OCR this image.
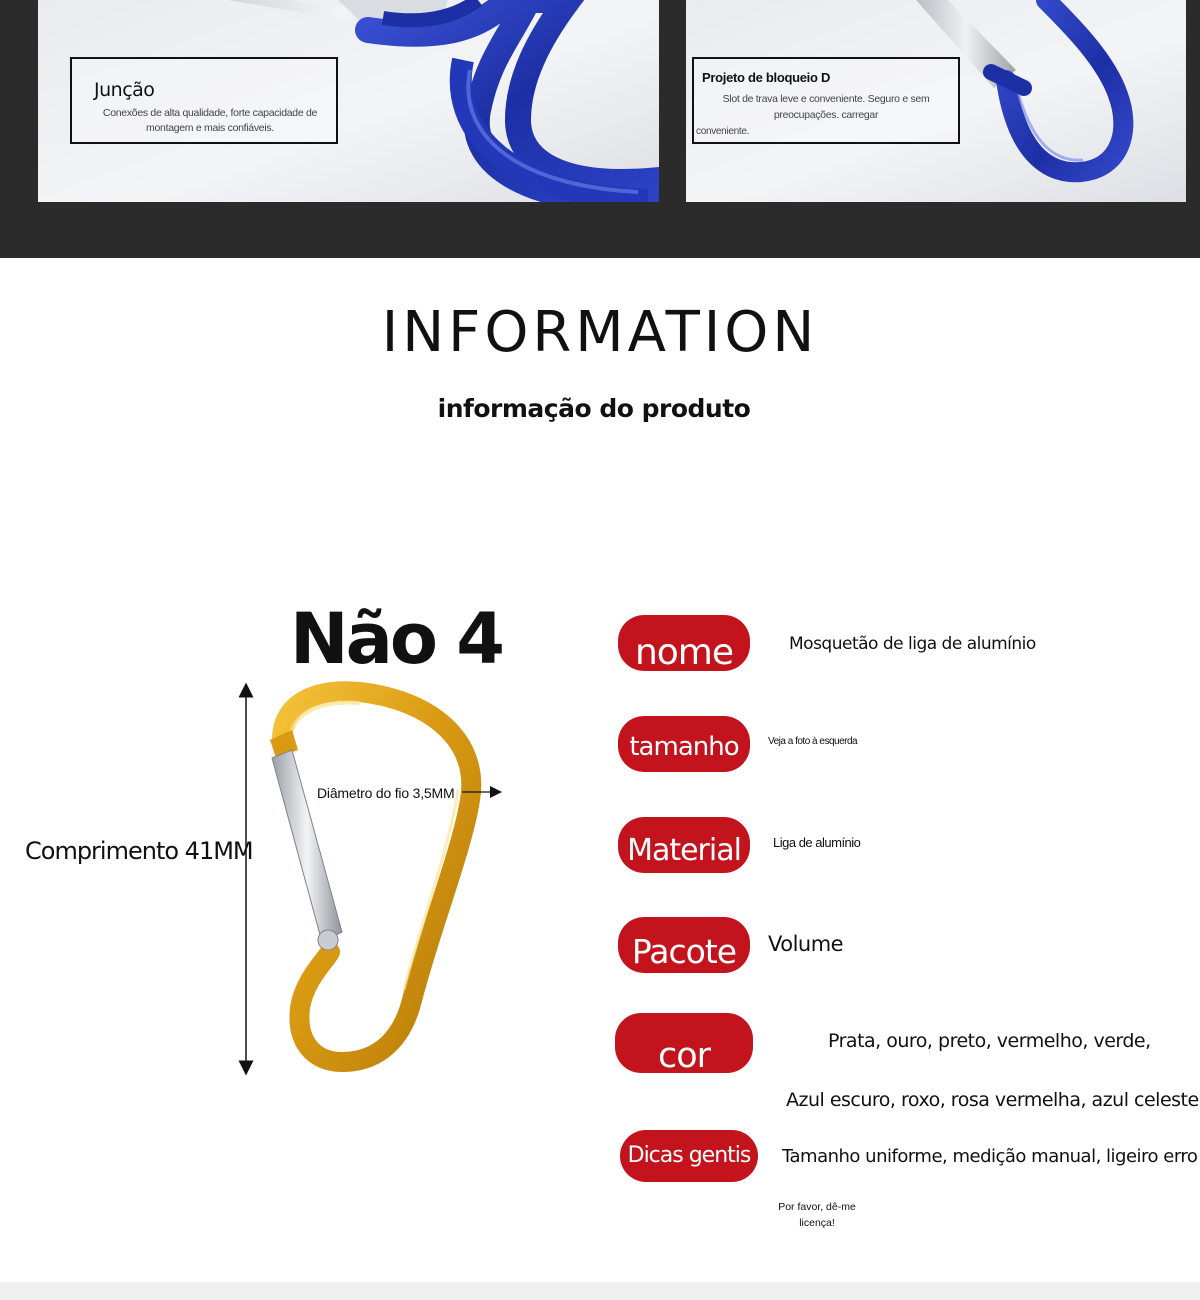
Junção
Conexões de alta qualidade, forte capacidade de montagem e mais confiáveis.
Projeto de bloqueio D
Slot de trava leve e conveniente. Seguro e sem preocupações. carregar
conveniente.
INFORMATION
informação do produto
Não 4
Comprimento 41MM
Diâmetro do fio 3,5MM
nome	Mosquetão de liga de alumínio
tamanho	Veja a foto à esquerda
Material	Liga de alumínio
Pacote	Volume
cor	Prata, ouro, preto, vermelho, verde,
Azul escuro, roxo, rosa vermelha, azul celeste
Dicas gentis	Tamanho uniforme, medição manual, ligeiro erro
Por favor, dê-me licença!
